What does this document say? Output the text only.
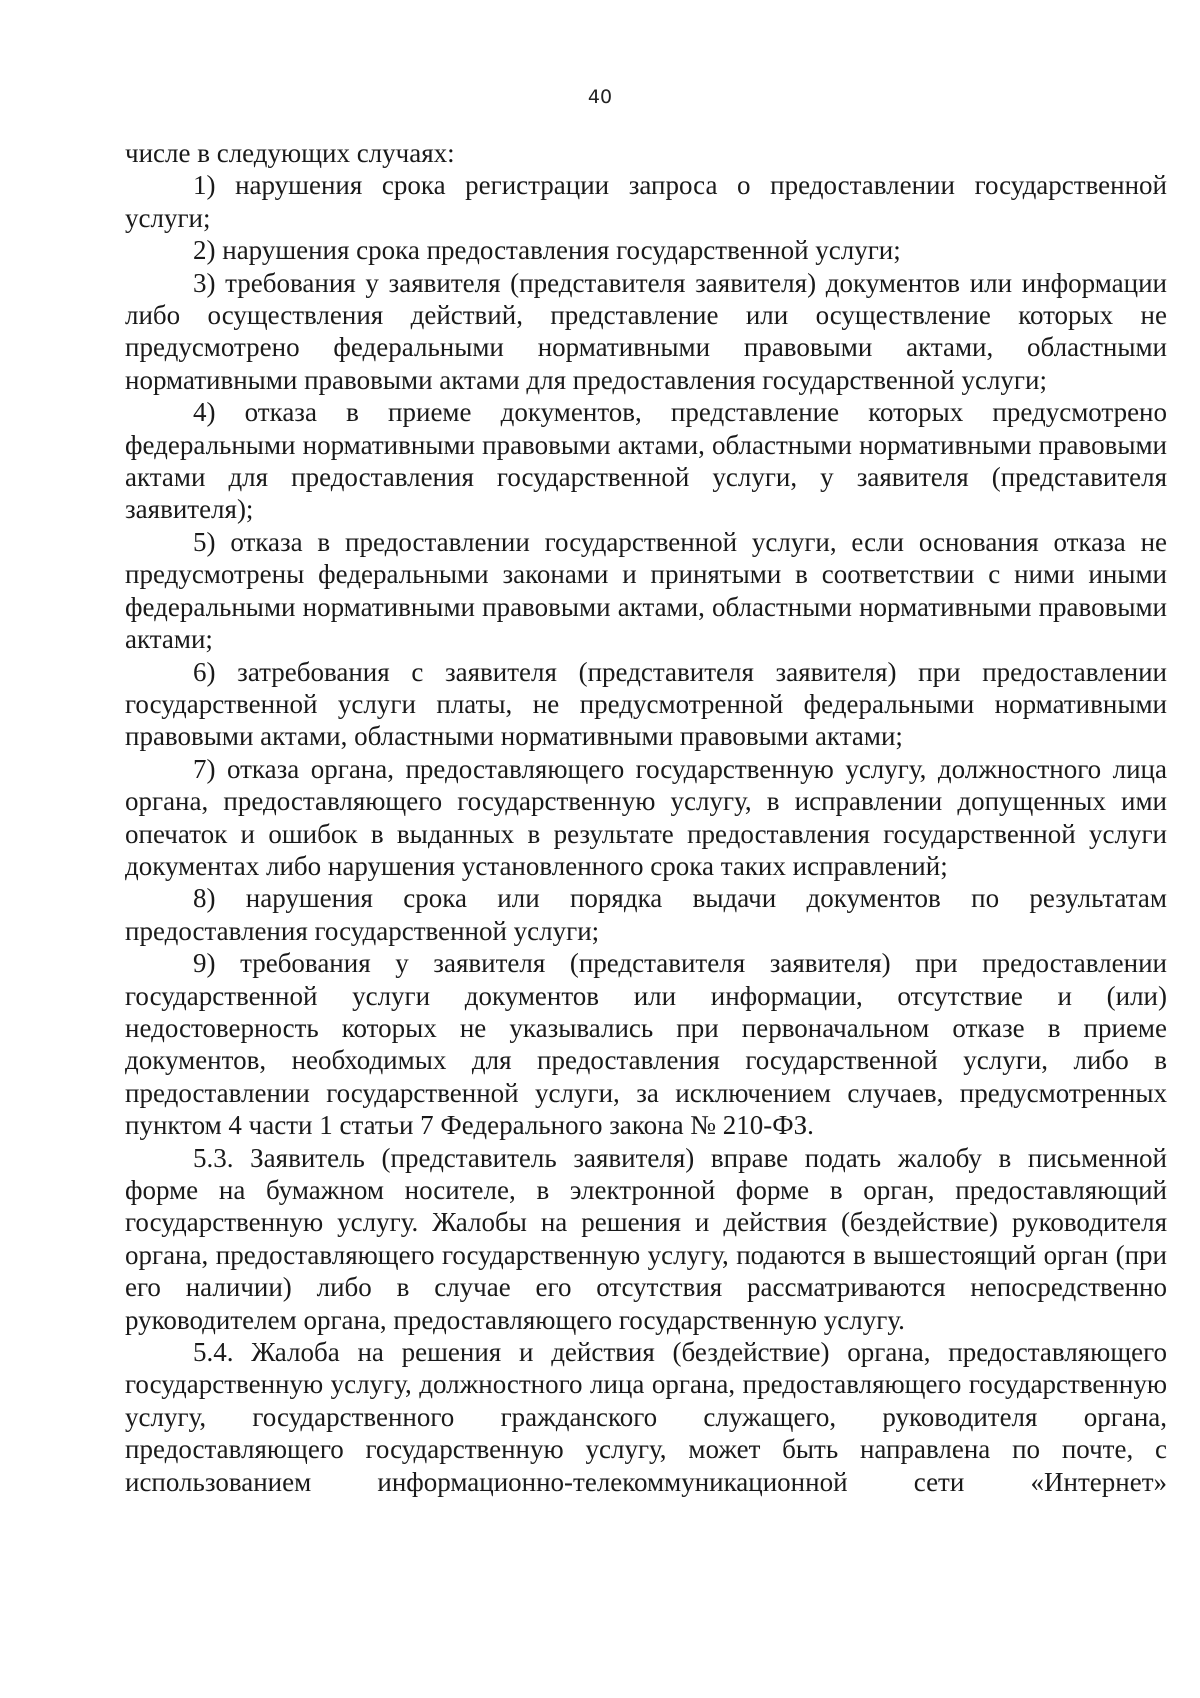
40

числе в следующих случаях:

1) нарушения срока регистрации запроса о предоставлении государственной услуги;

2) нарушения срока предоставления государственной услуги;

3) требования у заявителя (представителя заявителя) документов или информации либо осуществления действий, представление или осуществление которых не предусмотрено федеральными нормативными правовыми актами, областными нормативными правовыми актами для предоставления государственной услуги;

4) отказа в приеме документов, представление которых предусмотрено федеральными нормативными правовыми актами, областными нормативными правовыми актами для предоставления государственной услуги, у заявителя (представителя заявителя);

5) отказа в предоставлении государственной услуги, если основания отказа не предусмотрены федеральными законами и принятыми в соответствии с ними иными федеральными нормативными правовыми актами, областными нормативными правовыми актами;

6) затребования с заявителя (представителя заявителя) при предоставлении государственной услуги платы, не предусмотренной федеральными нормативными правовыми актами, областными нормативными правовыми актами;

7) отказа органа, предоставляющего государственную услугу, должностного лица органа, предоставляющего государственную услугу, в исправлении допущенных ими опечаток и ошибок в выданных в результате предоставления государственной услуги документах либо нарушения установленного срока таких исправлений;

8) нарушения срока или порядка выдачи документов по результатам предоставления государственной услуги;

9) требования у заявителя (представителя заявителя) при предоставлении государственной услуги документов или информации, отсутствие и (или) недостоверность которых не указывались при первоначальном отказе в приеме документов, необходимых для предоставления государственной услуги, либо в предоставлении государственной услуги, за исключением случаев, предусмотренных пунктом 4 части 1 статьи 7 Федерального закона № 210-ФЗ.

5.3. Заявитель (представитель заявителя) вправе подать жалобу в письменной форме на бумажном носителе, в электронной форме в орган, предоставляющий государственную услугу. Жалобы на решения и действия (бездействие) руководителя органа, предоставляющего государственную услугу, подаются в вышестоящий орган (при его наличии) либо в случае его отсутствия рассматриваются непосредственно руководителем органа, предоставляющего государственную услугу.

5.4. Жалоба на решения и действия (бездействие) органа, предоставляющего государственную услугу, должностного лица органа, предоставляющего государственную услугу, государственного гражданского служащего, руководителя органа, предоставляющего государственную услугу, может быть направлена по почте, с использованием информационно-телекоммуникационной сети «Интернет»
